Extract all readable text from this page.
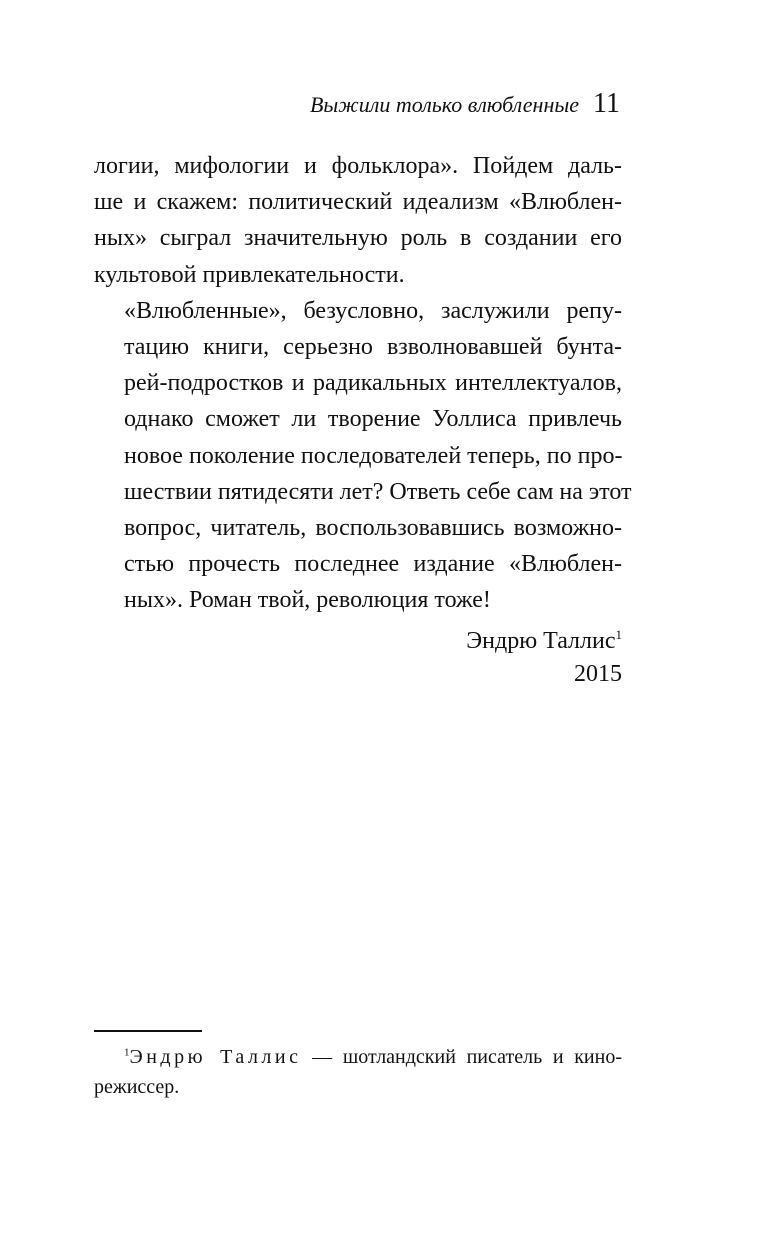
Выжили только влюбленные 11

логии, мифологии и фольклора». Пойдем даль-
ше и скажем: политический идеализм «Влюблен-
ных» сыграл значительную роль в создании его
культовой привлекательности.

«Влюбленные», безусловно, заслужили репу-
тацию книги, серьезно взволновавшей бунта-
рей-подростков и радикальных интеллектуалов,
однако сможет ли творение Уоллиса привлечь
новое поколение последователей теперь, по про-
шествии пятидесяти лет? Ответь себе сам на этот
вопрос, читатель, воспользовавшись возможно-
стью прочесть последнее издание «Влюблен-
ных». Роман твой, революция тоже!

Эндрю Таллис$^1$
2015
$^1$Эндрю Таллис — шотландский писатель и кино-
режиссер.
